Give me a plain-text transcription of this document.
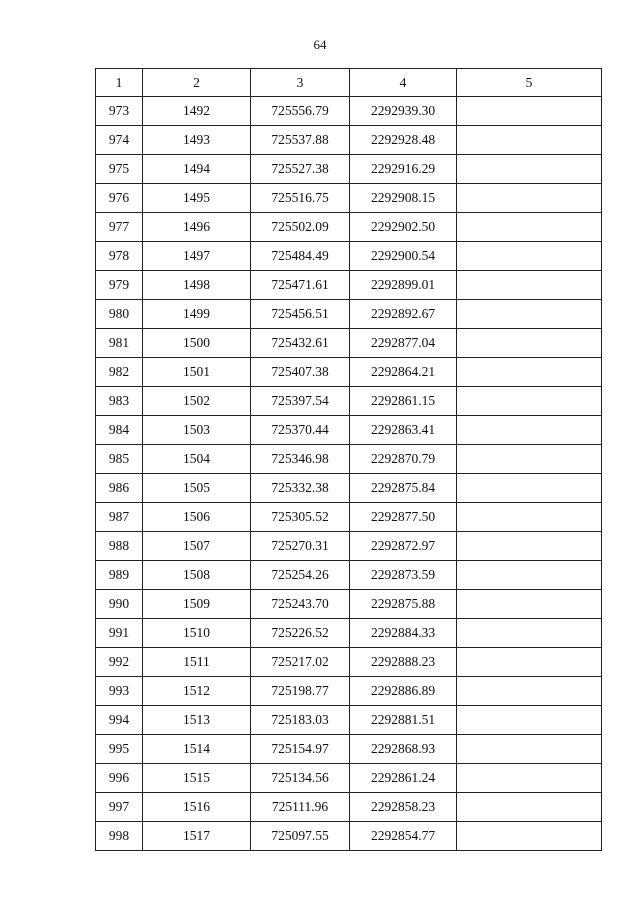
64
1	2	3	4	5
973	1492	725556.79	2292939.30	
974	1493	725537.88	2292928.48	
975	1494	725527.38	2292916.29	
976	1495	725516.75	2292908.15	
977	1496	725502.09	2292902.50	
978	1497	725484.49	2292900.54	
979	1498	725471.61	2292899.01	
980	1499	725456.51	2292892.67	
981	1500	725432.61	2292877.04	
982	1501	725407.38	2292864.21	
983	1502	725397.54	2292861.15	
984	1503	725370.44	2292863.41	
985	1504	725346.98	2292870.79	
986	1505	725332.38	2292875.84	
987	1506	725305.52	2292877.50	
988	1507	725270.31	2292872.97	
989	1508	725254.26	2292873.59	
990	1509	725243.70	2292875.88	
991	1510	725226.52	2292884.33	
992	1511	725217.02	2292888.23	
993	1512	725198.77	2292886.89	
994	1513	725183.03	2292881.51	
995	1514	725154.97	2292868.93	
996	1515	725134.56	2292861.24	
997	1516	725111.96	2292858.23	
998	1517	725097.55	2292854.77	
